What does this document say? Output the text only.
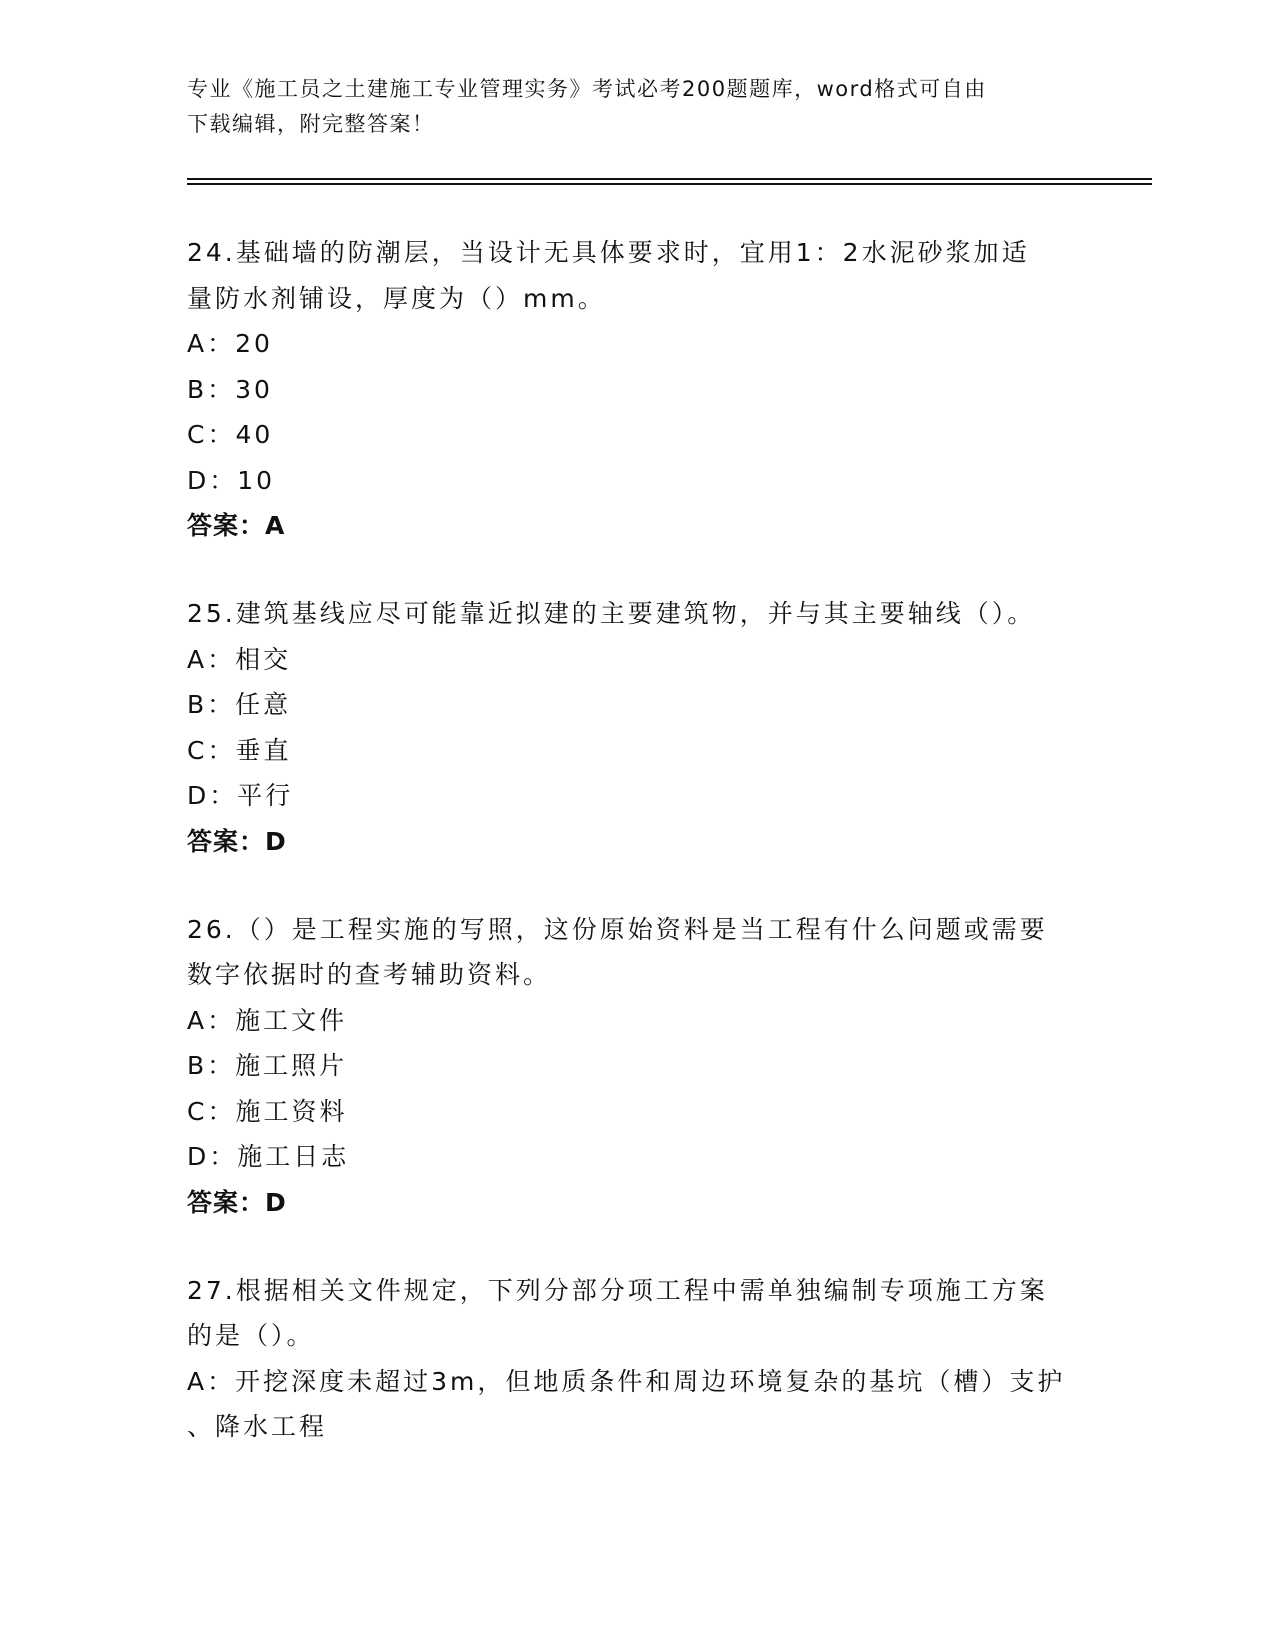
专业《施工员之土建施工专业管理实务》考试必考200题题库，word格式可自由
下载编辑，附完整答案！

24.基础墙的防潮层，当设计无具体要求时，宜用1：2水泥砂浆加适

量防水剂铺设，厚度为（）mm。

A：20

B：30

C：40

D：10

答案：A

25.建筑基线应尽可能靠近拟建的主要建筑物，并与其主要轴线（）。

A：相交

B：任意

C：垂直

D：平行

答案：D

26.（）是工程实施的写照，这份原始资料是当工程有什么问题或需要

数字依据时的查考辅助资料。

A：施工文件

B：施工照片

C：施工资料

D：施工日志

答案：D

27.根据相关文件规定，下列分部分项工程中需单独编制专项施工方案

的是（）。

A：开挖深度未超过3m，但地质条件和周边环境复杂的基坑（槽）支护

、降水工程
